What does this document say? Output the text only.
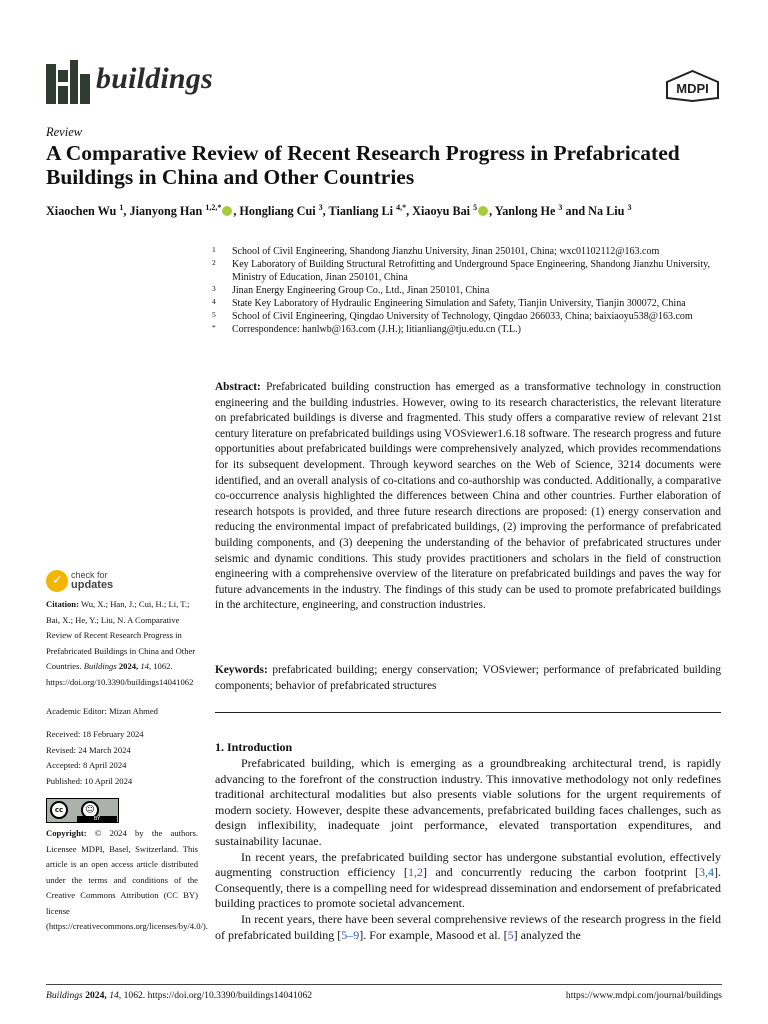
buildings	MDPI
Review
A Comparative Review of Recent Research Progress in Prefabricated Buildings in China and Other Countries
Xiaochen Wu $^1$, Jianyong Han $^{1,2,*}$ , Hongliang Cui $^3$, Tianliang Li $^{4,*}$, Xiaoyu Bai $^5$ , Yanlong He $^3$ and Na Liu $^3$
1 School of Civil Engineering, Shandong Jianzhu University, Jinan 250101, China; wxc01102112@163.com
2 Key Laboratory of Building Structural Retrofitting and Underground Space Engineering, Shandong Jianzhu University, Ministry of Education, Jinan 250101, China
3 Jinan Energy Engineering Group Co., Ltd., Jinan 250101, China
4 State Key Laboratory of Hydraulic Engineering Simulation and Safety, Tianjin University, Tianjin 300072, China
5 School of Civil Engineering, Qingdao University of Technology, Qingdao 266033, China; baixiaoyu538@163.com
* Correspondence: hanlwb@163.com (J.H.); litianliang@tju.edu.cn (T.L.)
Abstract: Prefabricated building construction has emerged as a transformative technology in construction engineering and the building industries. However, owing to its research characteristics, the relevant literature on prefabricated buildings is diverse and fragmented. This study offers a comparative review of relevant 21st century literature on prefabricated buildings using VOSviewer1.6.18 software. The research progress and future opportunities about prefabricated buildings were comprehensively analyzed, which provides recommendations for its subsequent development. Through keyword searches on the Web of Science, 3214 documents were identified, and an overall analysis of co-citations and co-authorship was conducted. Additionally, a comparative co-occurrence analysis highlighted the differences between China and other countries. Further elaboration of research hotspots is provided, and three future research directions are proposed: (1) energy conservation and reducing the environmental impact of prefabricated buildings, (2) improving the performance of prefabricated building components, and (3) deepening the understanding of the behavior of prefabricated structures under seismic and dynamic conditions. This study provides practitioners and scholars in the field of construction engineering with a comprehensive overview of the literature on prefabricated buildings and paves the way for future advancements in the industry. The findings of this study can be used to promote prefabricated buildings in the architecture, engineering, and construction industries.
Keywords: prefabricated building; energy conservation; VOSviewer; performance of prefabricated building components; behavior of prefabricated structures
✓ check for
updates
Citation: Wu, X.; Han, J.; Cui, H.; Li, T.; Bai, X.; He, Y.; Liu, N. A Comparative Review of Recent Research Progress in Prefabricated Buildings in China and Other Countries. Buildings 2024, 14, 1062. https://doi.org/10.3390/buildings14041062
Academic Editor: Mizan Ahmed
Received: 18 February 2024
Revised: 24 March 2024
Accepted: 8 April 2024
Published: 10 April 2024
cc	☺
BY
Copyright: © 2024 by the authors. Licensee MDPI, Basel, Switzerland. This article is an open access article distributed under the terms and conditions of the Creative Commons Attribution (CC BY) license (https://creativecommons.org/licenses/by/4.0/).
1. Introduction

Prefabricated building, which is emerging as a groundbreaking architectural trend, is rapidly advancing to the forefront of the construction industry. This innovative methodology not only redefines traditional architectural modalities but also presents viable solutions for the urgent requirements of modern society. However, despite these advancements, prefabricated building faces challenges, such as design inflexibility, inadequate joint performance, elevated transportation expenditures, and sustainability lacunae.

In recent years, the prefabricated building sector has undergone substantial evolution, effectively augmenting construction efficiency [1,2] and concurrently reducing the carbon footprint [3,4]. Consequently, there is a compelling need for widespread dissemination and endorsement of prefabricated building practices to promote societal advancement.

In recent years, there have been several comprehensive reviews of the research progress in the field of prefabricated building [5–9]. For example, Masood et al. [5] analyzed the

Buildings 2024, 14, 1062. https://doi.org/10.3390/buildings14041062	https://www.mdpi.com/journal/buildings
